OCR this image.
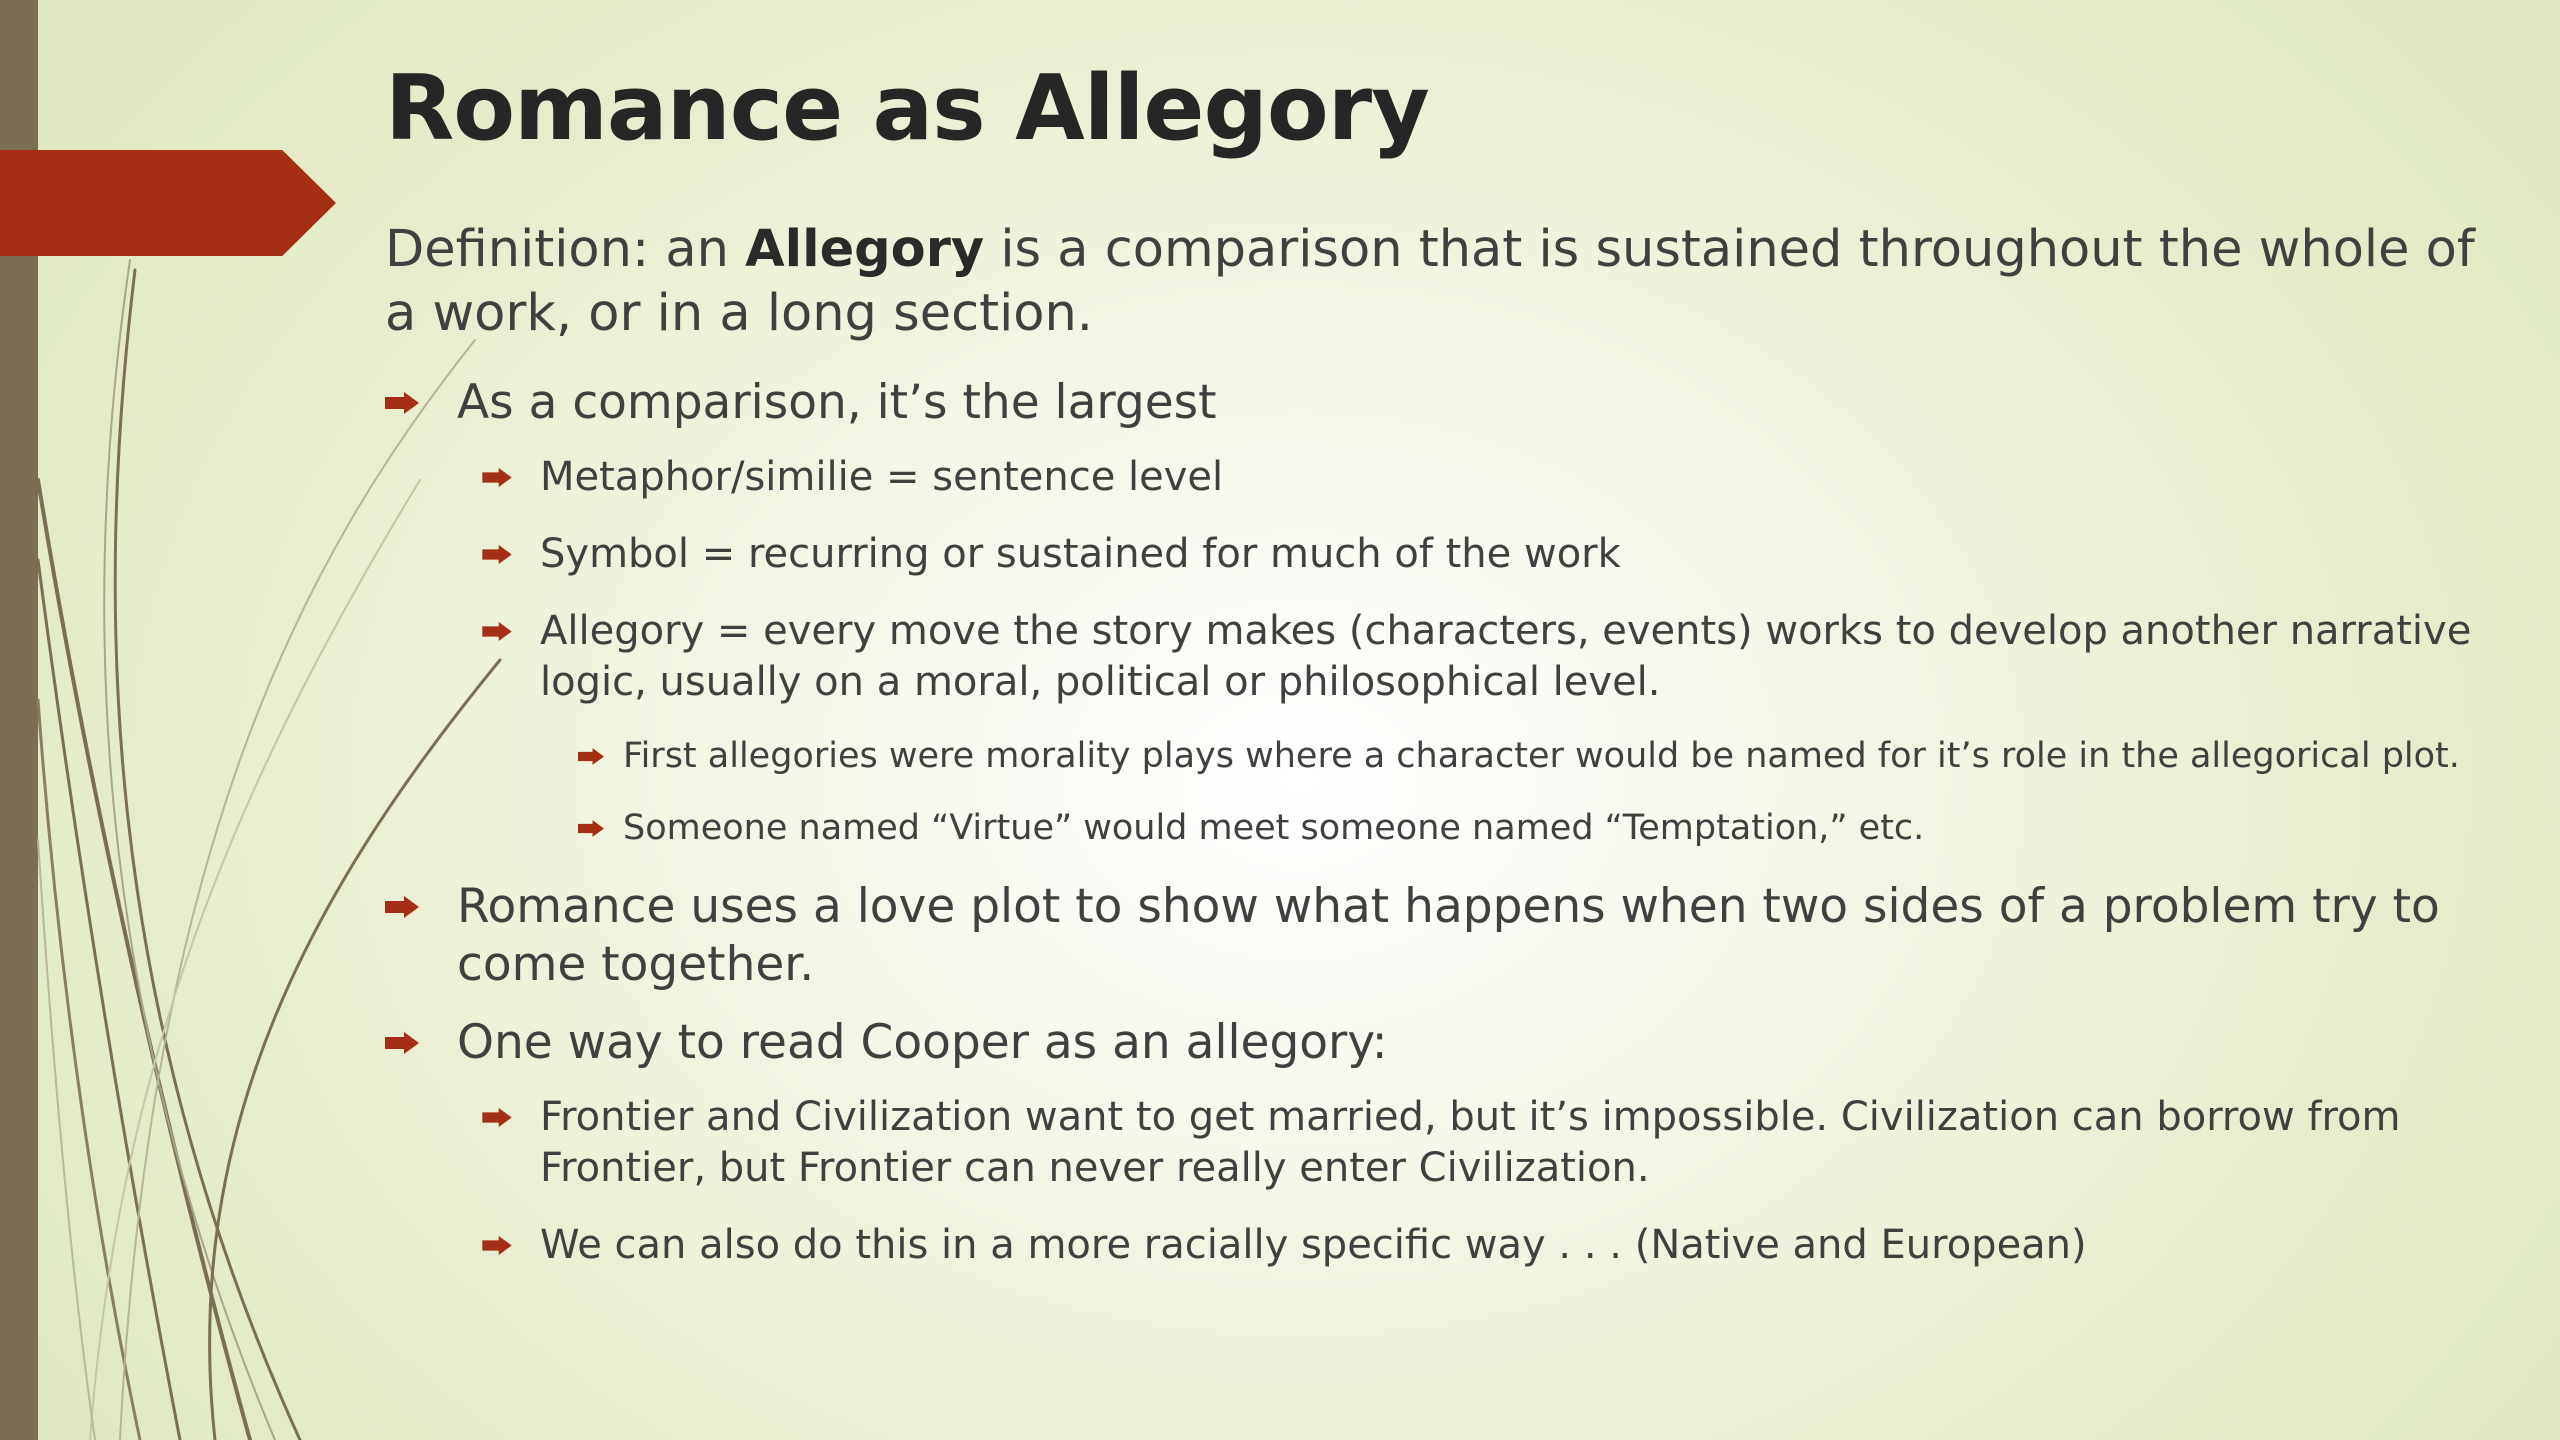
Romance as Allegory

Definition: an Allegory is a comparison that is sustained throughout the whole of a work, or in a long section.

As a comparison, it’s the largest
Metaphor/similie = sentence level
Symbol = recurring or sustained for much of the work
Allegory = every move the story makes (characters, events) works to develop another narrative logic, usually on a moral, political or philosophical level.
First allegories were morality plays where a character would be named for it’s role in the allegorical plot.
Someone named “Virtue” would meet someone named “Temptation,” etc.
Romance uses a love plot to show what happens when two sides of a problem try to come together.
One way to read Cooper as an allegory:
Frontier and Civilization want to get married, but it’s impossible. Civilization can borrow from Frontier, but Frontier can never really enter Civilization.
We can also do this in a more racially specific way . . . (Native and European)
